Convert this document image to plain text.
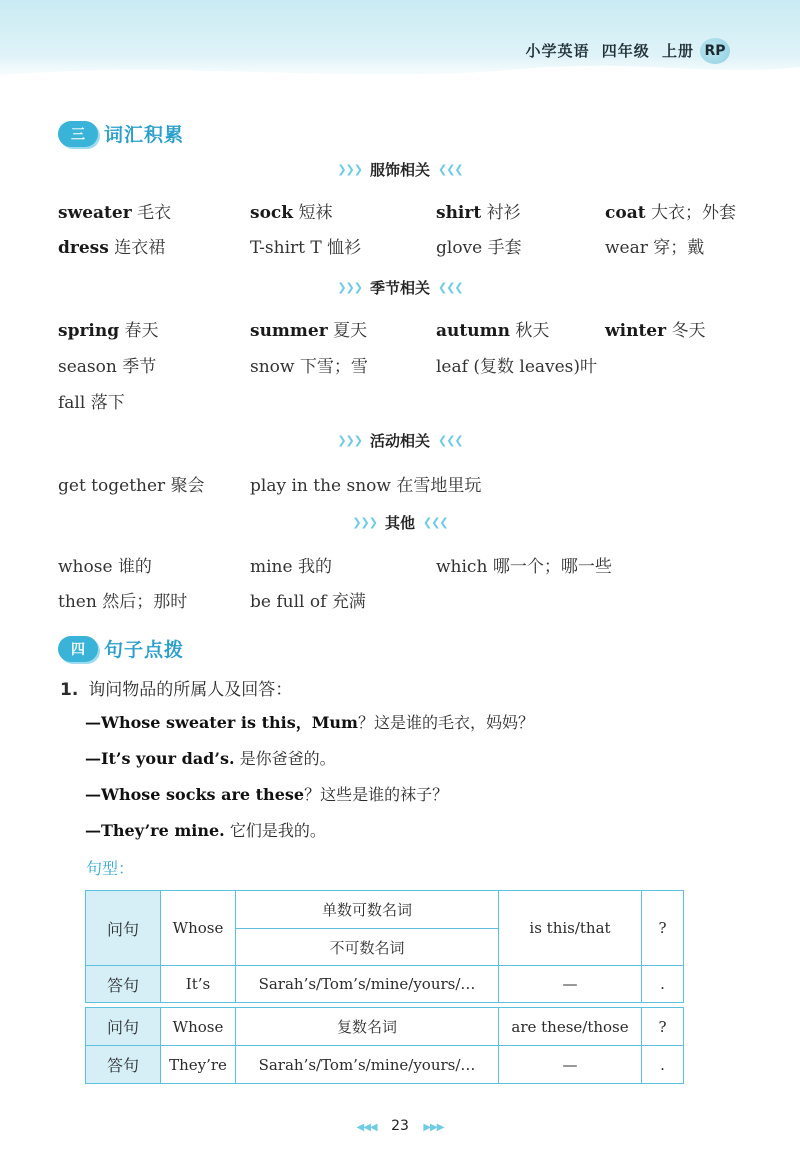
小学英语 四年级 上册 RP
三	词汇积累
❯❯❯ 服饰相关 ❮❮❮
sweater 毛衣	sock 短袜	shirt 衬衫	coat 大衣；外套
dress 连衣裙	T-shirt T 恤衫	glove 手套	wear 穿；戴
❯❯❯ 季节相关 ❮❮❮
spring 春天	summer 夏天	autumn 秋天	winter 冬天
season 季节	snow 下雪；雪	leaf (复数 leaves)叶
fall 落下
❯❯❯ 活动相关 ❮❮❮
get together 聚会	play in the snow 在雪地里玩
❯❯❯ 其他 ❮❮❮
whose 谁的	mine 我的	which 哪一个；哪一些
then 然后；那时	be full of 充满
四	句子点拨
1. 询问物品的所属人及回答：
—Whose sweater is this，Mum？这是谁的毛衣，妈妈？
—It’s your dad’s. 是你爸爸的。
—Whose socks are these？这些是谁的袜子？
—They’re mine. 它们是我的。
句型：
问句	Whose	单数可数名词	is this/that	?
		不可数名词		
答句	It’s	Sarah’s/Tom’s/mine/yours/…	—	.
问句	Whose	复数名词	are these/those	?
答句	They’re	Sarah’s/Tom’s/mine/yours/…	—	.
◀◀◀ 23 ▶▶▶
